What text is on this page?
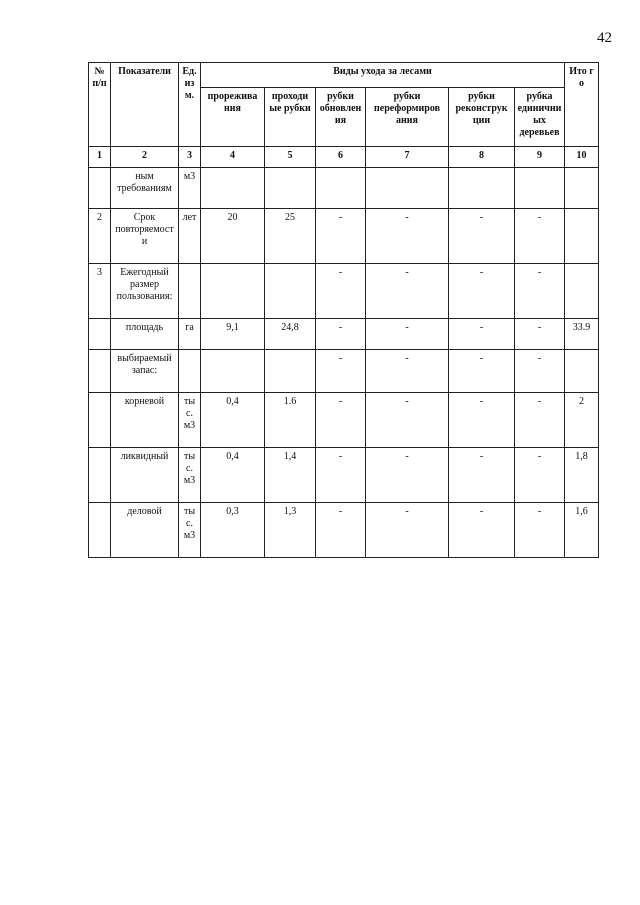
42
№ п/п	Показатели	Ед. из м.	Виды ухода за лесами						Ито го
			прорежива ния	проходи ые рубки	рубки обновлен ия	рубки переформиров ания	рубки реконструк ции	рубка единични ых деревьев	
1	2	3	4	5	6	7	8	9	10
	ным требованиям	м3							
2	Срок повторяемост и	лет	20	25	-	-	-	-	
3	Ежегодный размер пользования:				-	-	-	-	
	площадь	га	9,1	24,8	-	-	-	-	33.9
	выбираемый запас:				-	-	-	-	
	корневой	ты с. м3	0,4	1.6	-	-	-	-	2
	ликвидный	ты с. м3	0,4	1,4	-	-	-	-	1,8
	деловой	ты с. м3	0,3	1,3	-	-	-	-	1,6
